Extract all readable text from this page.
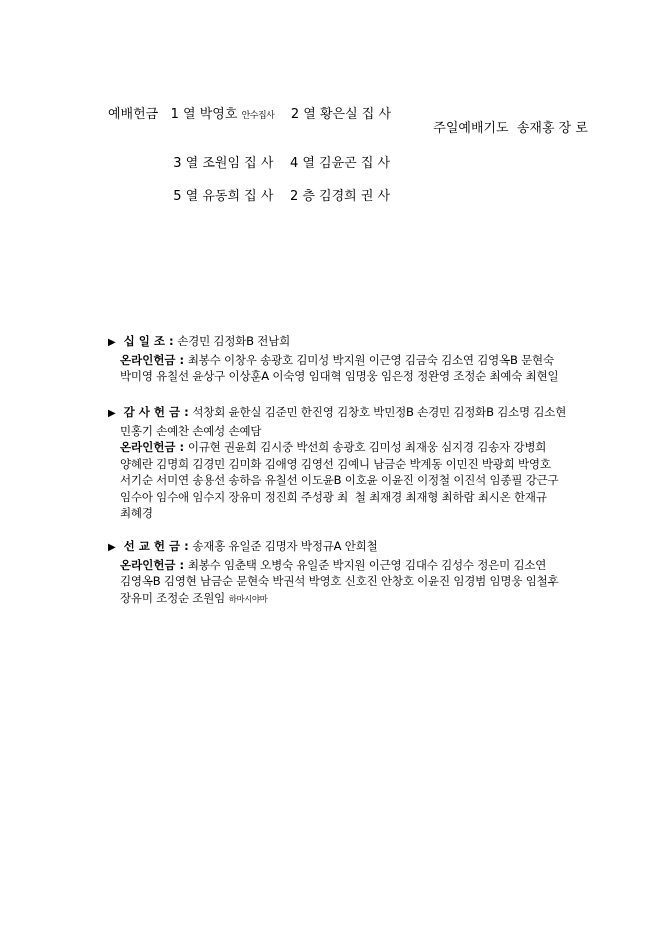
예배헌금 1 열 박영호 안수집사 2 열 황은실 집 사

3 열 조원임 집 사    4 열 김윤곤 집 사

5 열 유동희 집 사    2 층 김경희 권 사

주일예배기도  송재홍 장 로

▶ 십 일 조 : 손경민 김정화B 전남희
온라인헌금 : 최봉수 이창우 송광호 김미성 박지원 이근영 김금숙 김소연 김영옥B 문현숙
박미영 유칠선 윤상구 이상훈A 이숙영 임대혁 임명웅 임은정 정완영 조정순 최예숙 최현일
▶ 감 사 헌 금 : 석창회 윤한실 김준민 한진영 김창호 박민정B 손경민 김정화B 김소명 김소현
민홍기 손예찬 손예성 손예담
온라인헌금 : 이규현 권윤희 김시중 박선희 송광호 김미성 최재웅 심지경 김송자 강병희
양혜란 김명희 김경민 김미화 김애영 김영선 김예니 남금순 박계동 이민진 박광희 박영호
서기순 서미연 송용선 송하음 유칠선 이도윤B 이호윤 이윤진 이정철 이진석 임종필 강근구
임수아 임수애 임수지 장유미 정진희 주성광 최  철 최재경 최재형 최하람 최시온 한재규
최혜경
▶ 선 교 헌 금 : 송재홍 유일준 김명자 박정규A 안희철
온라인헌금 : 최봉수 임춘택 오병숙 유일준 박지원 이근영 김대수 김성수 정은미 김소연
김영옥B 김영현 남금순 문현숙 박권석 박영호 신호진 안창호 이윤진 임경범 임명웅 임철후
장유미 조정순 조원임 하마시야마
